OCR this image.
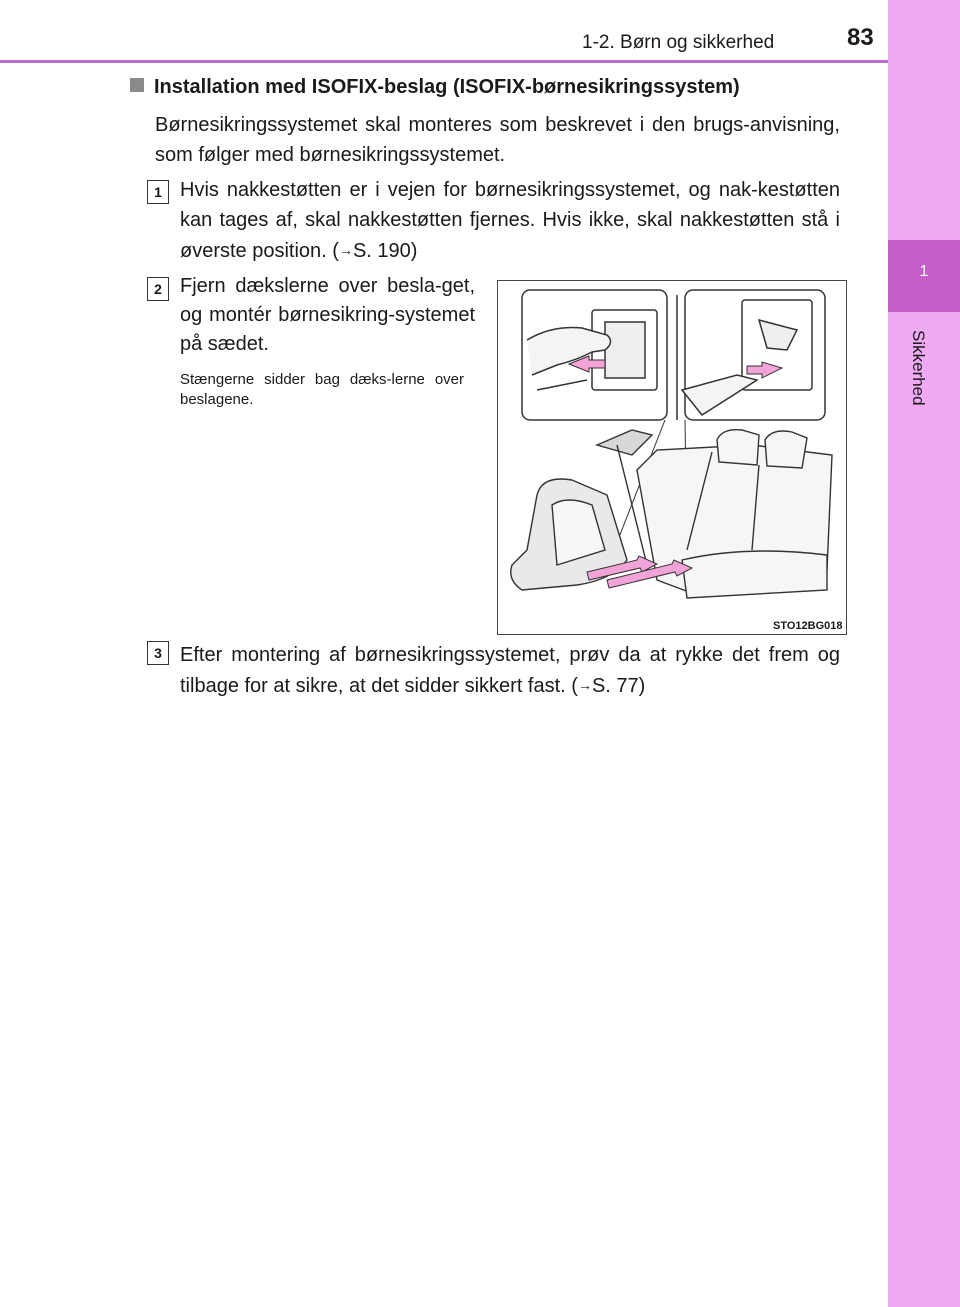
1
Sikkerhed
1-2. Børn og sikkerhed	83
Installation med ISOFIX-beslag (ISOFIX-børnesikringssystem)
Børnesikringssystemet skal monteres som beskrevet i den brugs-anvisning, som følger med børnesikringssystemet.
1 Hvis nakkestøtten er i vejen for børnesikringssystemet, og nak-kestøtten kan tages af, skal nakkestøtten fjernes. Hvis ikke, skal nakkestøtten stå i øverste position. (→S. 190)
2 Fjern dækslerne over besla-get, og montér børnesikring-systemet på sædet.
Stængerne sidder bag dæks-lerne over beslagene.
STO12BG018
3 Efter montering af børnesikringssystemet, prøv da at rykke det frem og tilbage for at sikre, at det sidder sikkert fast. (→S. 77)
